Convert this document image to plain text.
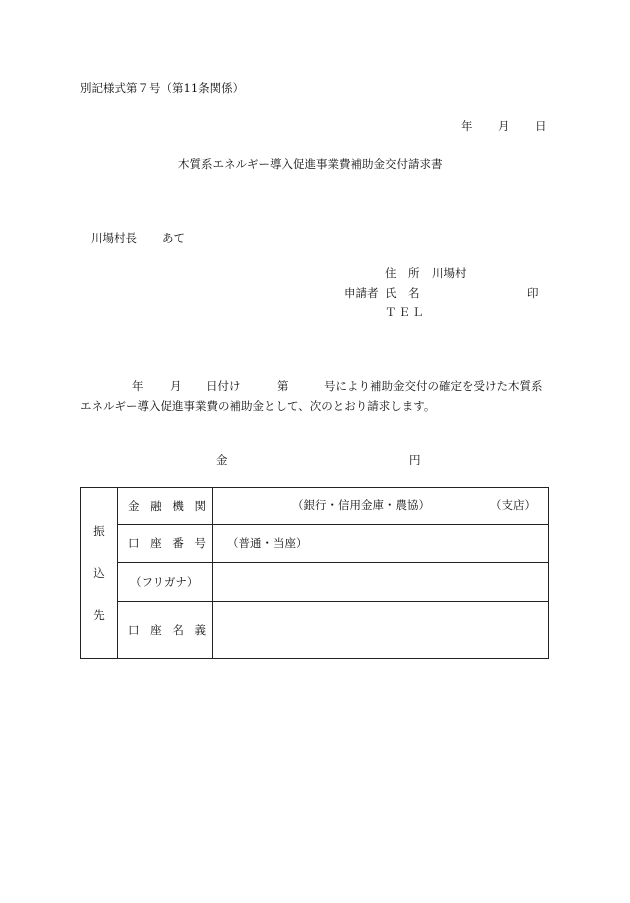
別記様式第７号（第11条関係）
年 月 日
木質系エネルギー導入促進事業費補助金交付請求書
川場村長 あて
住　所 川場村
申請者 氏　名	印
ＴＥＬ
年 月 日付け	第	号により補助金交付の確定を受けた木質系
エネルギー導入促進事業費の補助金として、次のとおり請求します。
金	円
振
込
先	金 融 機 関	（銀行・信用金庫・農協） （支店）

	口 座 番 号	（普通・当座）

	（フリガナ）	

	口 座 名 義	
